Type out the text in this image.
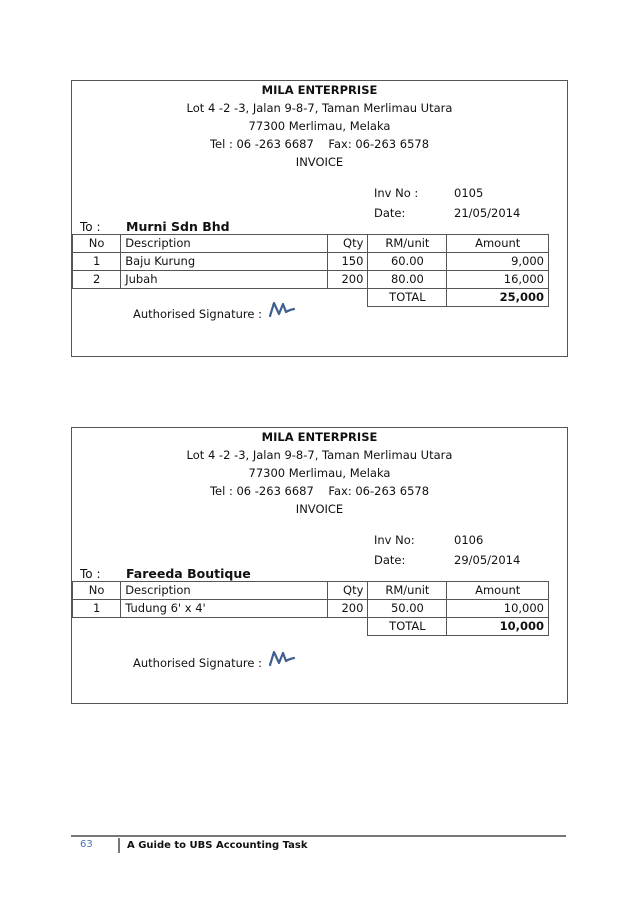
MILA ENTERPRISE
Lot 4 -2 -3, Jalan 9-8-7, Taman Merlimau Utara
77300 Merlimau, Melaka
Tel : 06 -263 6687    Fax: 06-263 6578
INVOICE
Inv No :	0105
Date:	21/05/2014
To : Murni Sdn Bhd
No	Description	Qty	RM/unit	Amount
1	Baju Kurung	150	60.00	9,000
2	Jubah	200	80.00	16,000
			TOTAL	25,000
Authorised Signature :
MILA ENTERPRISE
Lot 4 -2 -3, Jalan 9-8-7, Taman Merlimau Utara
77300 Merlimau, Melaka
Tel : 06 -263 6687    Fax: 06-263 6578
INVOICE
Inv No:	0106
Date:	29/05/2014
To : Fareeda Boutique
No	Description	Qty	RM/unit	Amount
1	Tudung 6' x 4'	200	50.00	10,000
			TOTAL	10,000
Authorised Signature :
63	A Guide to UBS Accounting Task
